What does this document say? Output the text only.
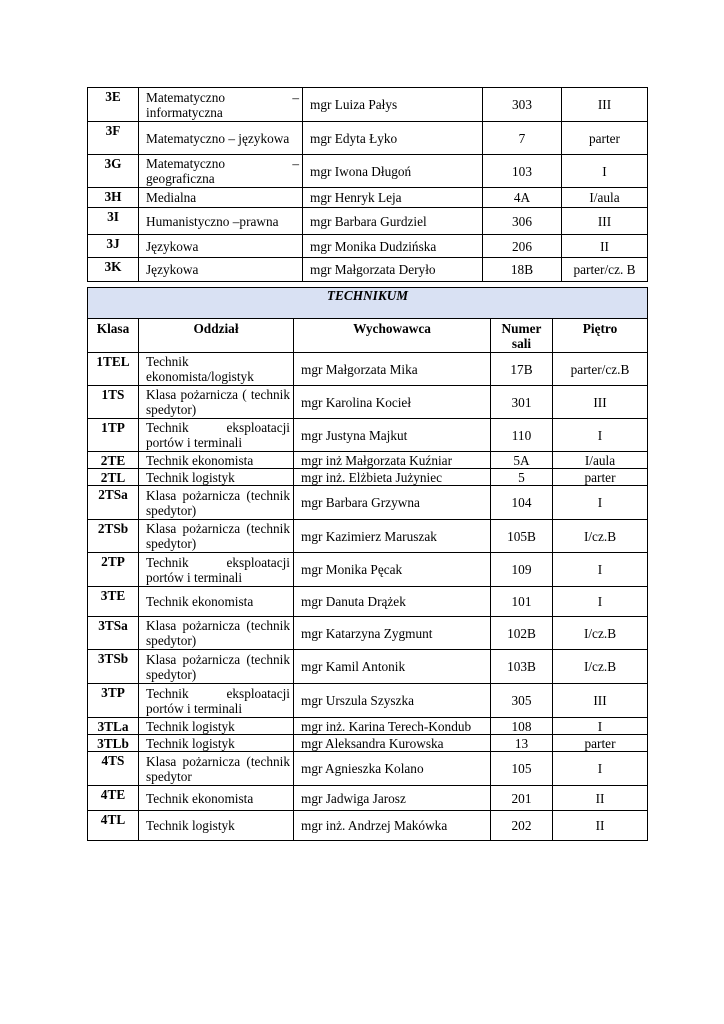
3E	Matematyczno – informatyczna	mgr Luiza Pałys	303	III
3F	Matematyczno – językowa	mgr Edyta Łyko	7	parter
3G	Matematyczno – geograficzna	mgr Iwona Długoń	103	I
3H	Medialna	mgr Henryk Leja	4A	I/aula
3I	Humanistyczno –prawna	mgr Barbara Gurdziel	306	III
3J	Językowa	mgr Monika Dudzińska	206	II
3K	Językowa	mgr Małgorzata Deryło	18B	parter/cz. B
TECHNIKUM				
Klasa	Oddział	Wychowawca	Numer sali	Piętro
1TEL	Technik ekonomista/logistyk	mgr Małgorzata Mika	17B	parter/cz.B
1TS	Klasa pożarnicza ( technik spedytor)	mgr Karolina Kocieł	301	III
1TP	Technik eksploatacji portów i terminali	mgr Justyna Majkut	110	I
2TE	Technik ekonomista	mgr inż Małgorzata Kuźniar	5A	I/aula
2TL	Technik logistyk	mgr inż. Elżbieta Jużyniec	5	parter
2TSa	Klasa pożarnicza (technik spedytor)	mgr Barbara Grzywna	104	I
2TSb	Klasa pożarnicza (technik spedytor)	mgr Kazimierz Maruszak	105B	I/cz.B
2TP	Technik eksploatacji portów i terminali	mgr Monika Pęcak	109	I
3TE	Technik ekonomista	mgr Danuta Drążek	101	I
3TSa	Klasa pożarnicza (technik spedytor)	mgr Katarzyna Zygmunt	102B	I/cz.B
3TSb	Klasa pożarnicza (technik spedytor)	mgr Kamil Antonik	103B	I/cz.B
3TP	Technik eksploatacji portów i terminali	mgr Urszula Szyszka	305	III
3TLa	Technik logistyk	mgr inż. Karina Terech-Kondub	108	I
3TLb	Technik logistyk	mgr Aleksandra Kurowska	13	parter
4TS	Klasa pożarnicza (technik spedytor	mgr Agnieszka Kolano	105	I
4TE	Technik ekonomista	mgr Jadwiga Jarosz	201	II
4TL	Technik logistyk	mgr inż. Andrzej Makówka	202	II
